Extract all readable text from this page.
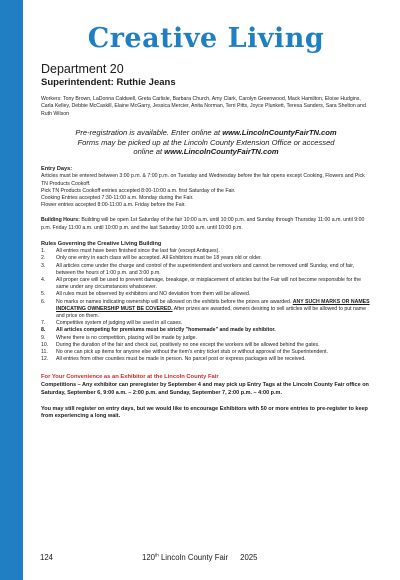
Creative Living
Department 20
Superintendent: Ruthie Jeans
Workers: Tony Brown, LaDonna Caldwell, Greta Carlisle, Barbara Church, Amy Clark, Carolyn Greenwood, Mack Hamilton, Eloise Hudgins, Carla Kelley, Debbie McCaskill, Elaine McGarry, Jessica Mercier, Anita Norman, Terri Pitts, Joyce Plunkett, Teresa Sanders, Sara Shelton and Ruth Wilson
Pre-registration is available. Enter online at www.LincolnCountyFairTN.com
Forms may be picked up at the Lincoln County Extension Office or accessed
online at www.LincolnCountyFairTN.com
Entry Days:
Articles must be entered between 3:00 p.m. & 7:00 p.m. on Tuesday and Wednesday before the fair opens except Cooking, Flowers and Pick TN Products Cookoff.
Pick TN Products Cookoff entries accepted 8:00-10:00 a.m. first Saturday of the Fair.
Cooking Entries accepted 7:30-11:00 a.m. Monday during the Fair.
Flower entries accepted 8:00-11:00 a.m. Friday before the Fair.
Building Hours: Building will be open 1st Saturday of the fair 10:00 a.m. until 10:00 p.m. and Sunday through Thursday 11:00 a.m. until 9:00 p.m. Friday 11:00 a.m. until 10:00 p.m. and the last Saturday 10:00 a.m. until 10:00 p.m.
Rules Governing the Creative Living Building
1. All entries must have been finished since the last fair (except Antiques).
2. Only one entry in each class will be accepted. All Exhibitors must be 18 years old or older.
3. All articles come under the charge and control of the superintendent and workers and cannot be removed until Sunday, end of fair, between the hours of 1:00 p.m. and 3:00 p.m.
4. All proper care will be used to prevent damage, breakage, or misplacement of articles but the Fair will not become responsible for the same under any circumstances whatsoever.
5. All rules must be observed by exhibitors and NO deviation from them will be allowed.
6. No marks or names indicating ownership will be allowed on the exhibits before the prizes are awarded. ANY SUCH MARKS OR NAMES INDICATING OWNERSHIP MUST BE COVERED. After prizes are awarded, owners desiring to sell articles will be allowed to put name and price on them.
7. Competitive system of judging will be used in all cases.
8. All articles competing for premiums must be strictly "homemade" and made by exhibitor.
9. Where there is no competition, placing will be made by judge.
10. During the duration of the fair and check out, positively no one except the workers will be allowed behind the gates.
11. No one can pick up items for anyone else without the item's entry ticket stub or without approval of the Superintendent.
12. All entries from other counties must be made in person. No parcel post or express packages will be received.
For Your Convenience as an Exhibitor at the Lincoln County Fair
Competitions – Any exhibitor can preregister by September 4 and may pick up Entry Tags at the Lincoln County Fair office on Saturday, September 6, 9:00 a.m. – 2:00 p.m. and Sunday, September 7, 2:00 p.m. – 4:00 p.m.
You may still register on entry days, but we would like to encourage Exhibitors with 50 or more entries to pre-register to keep from experiencing a long wait.
124	120th Lincoln County Fair 2025
